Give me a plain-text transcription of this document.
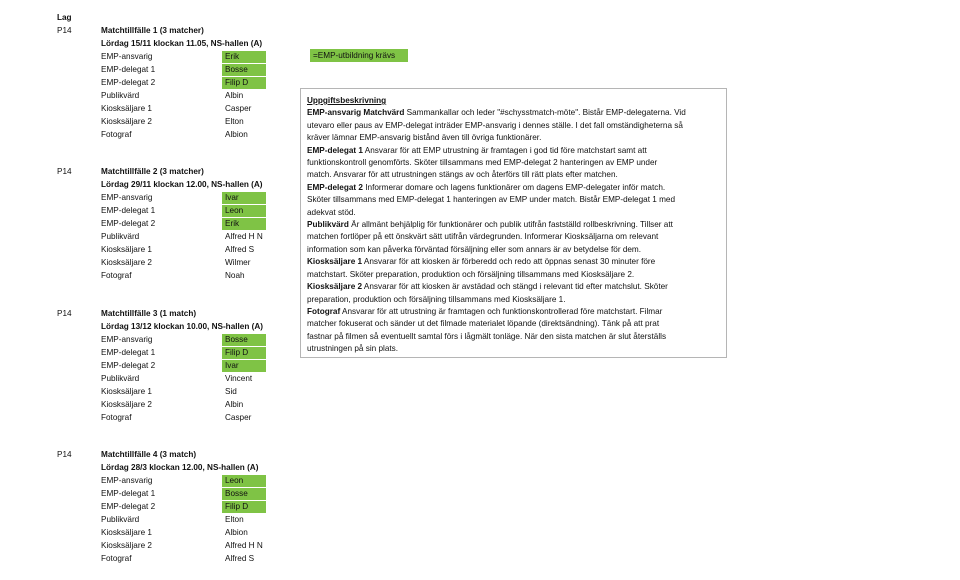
Lag
P14	Matchtillfälle 1 (3 matcher)
Lördag 15/11 klockan 11.05, NS-hallen (A)
EMP-ansvarig	Erik
EMP-delegat 1	Bosse
EMP-delegat 2	Filip D
Publikvärd	Albin
Kiosksäljare 1	Casper
Kiosksäljare 2	Elton
Fotograf	Albion
P14	Matchtillfälle 2 (3 matcher)
Lördag 29/11 klockan 12.00, NS-hallen (A)
EMP-ansvarig	Ivar
EMP-delegat 1	Leon
EMP-delegat 2	Erik
Publikvärd	Alfred H N
Kiosksäljare 1	Alfred S
Kiosksäljare 2	Wilmer
Fotograf	Noah
P14	Matchtillfälle 3 (1 match)
Lördag 13/12 klockan 10.00, NS-hallen (A)
EMP-ansvarig	Bosse
EMP-delegat 1	Filip D
EMP-delegat 2	Ivar
Publikvärd	Vincent
Kiosksäljare 1	Sid
Kiosksäljare 2	Albin
Fotograf	Casper
P14	Matchtillfälle 4 (3 match)
Lördag 28/3 klockan 12.00, NS-hallen (A)
EMP-ansvarig	Leon
EMP-delegat 1	Bosse
EMP-delegat 2	Filip D
Publikvärd	Elton
Kiosksäljare 1	Albion
Kiosksäljare 2	Alfred H N
Fotograf	Alfred S
=EMP-utbildning krävs
Uppgiftsbeskrivning
EMP-ansvarig Matchvärd Sammankallar och leder "#schysstmatch-möte". Bistår EMP-delegaterna. Vid
utevaro eller paus av EMP-delegat inträder EMP-ansvarig i dennes ställe. I det fall omständigheterna så
kräver lämnar EMP-ansvarig bistånd även till övriga funktionärer.
EMP-delegat 1 Ansvarar för att EMP utrustning är framtagen i god tid före matchstart samt att
funktionskontroll genomförts. Sköter tillsammans med EMP-delegat 2 hanteringen av EMP under
match. Ansvarar för att utrustningen stängs av och återförs till rätt plats efter matchen.
EMP-delegat 2 Informerar domare och lagens funktionärer om dagens EMP-delegater inför match.
Sköter tillsammans med EMP-delegat 1 hanteringen av EMP under match. Bistår EMP-delegat 1 med
adekvat stöd.
Publikvärd Är allmänt behjälplig för funktionärer och publik utifrån fastställd rollbeskrivning. Tillser att
matchen fortlöper på ett önskvärt sätt utifrån värdegrunden. Informerar Kiosksäljarna om relevant
information som kan påverka förväntad försäljning eller som annars är av betydelse för dem.
Kiosksäljare 1 Ansvarar för att kiosken är förberedd och redo att öppnas senast 30 minuter före
matchstart. Sköter preparation, produktion och försäljning tillsammans med Kiosksäljare 2.
Kiosksäljare 2 Ansvarar för att kiosken är avstädad och stängd i relevant tid efter matchslut. Sköter
preparation, produktion och försäljning tillsammans med Kiosksäljare 1.
Fotograf Ansvarar för att utrustning är framtagen och funktionskontrollerad före matchstart. Filmar
matcher fokuserat och sänder ut det filmade materialet löpande (direktsändning). Tänk på att prat
fastnar på filmen så eventuellt samtal förs i lågmält tonläge. När den sista matchen är slut återställs
utrustningen på sin plats.
